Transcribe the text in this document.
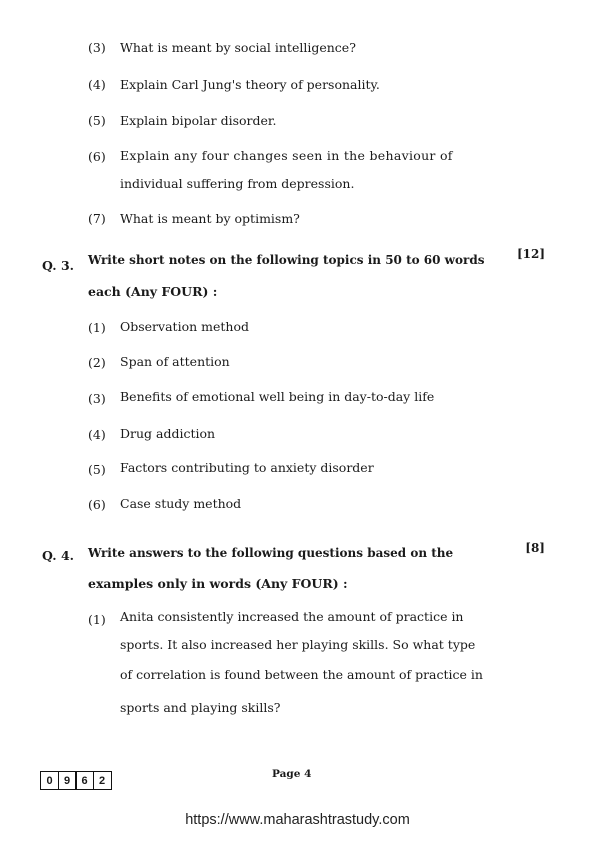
(3) What is meant by social intelligence?
(4) Explain Carl Jung's theory of personality.
(5) Explain bipolar disorder.
(6) Explain any four changes seen in the behaviour of
individual suffering from depression.
(7) What is meant by optimism?
Q. 3. Write short notes on the following topics in 50 to 60 words	[12]
each (Any FOUR) :
(1) Observation method
(2) Span of attention
(3) Benefits of emotional well being in day-to-day life
(4) Drug addiction
(5) Factors contributing to anxiety disorder
(6) Case study method
Q. 4. Write answers to the following questions based on the	[8]
examples only in words (Any FOUR) :
(1) Anita consistently increased the amount of practice in
sports. It also increased her playing skills. So what type
of correlation is found between the amount of practice in
sports and playing skills?
0	9	6	2
Page 4
https://www.maharashtrastudy.com
